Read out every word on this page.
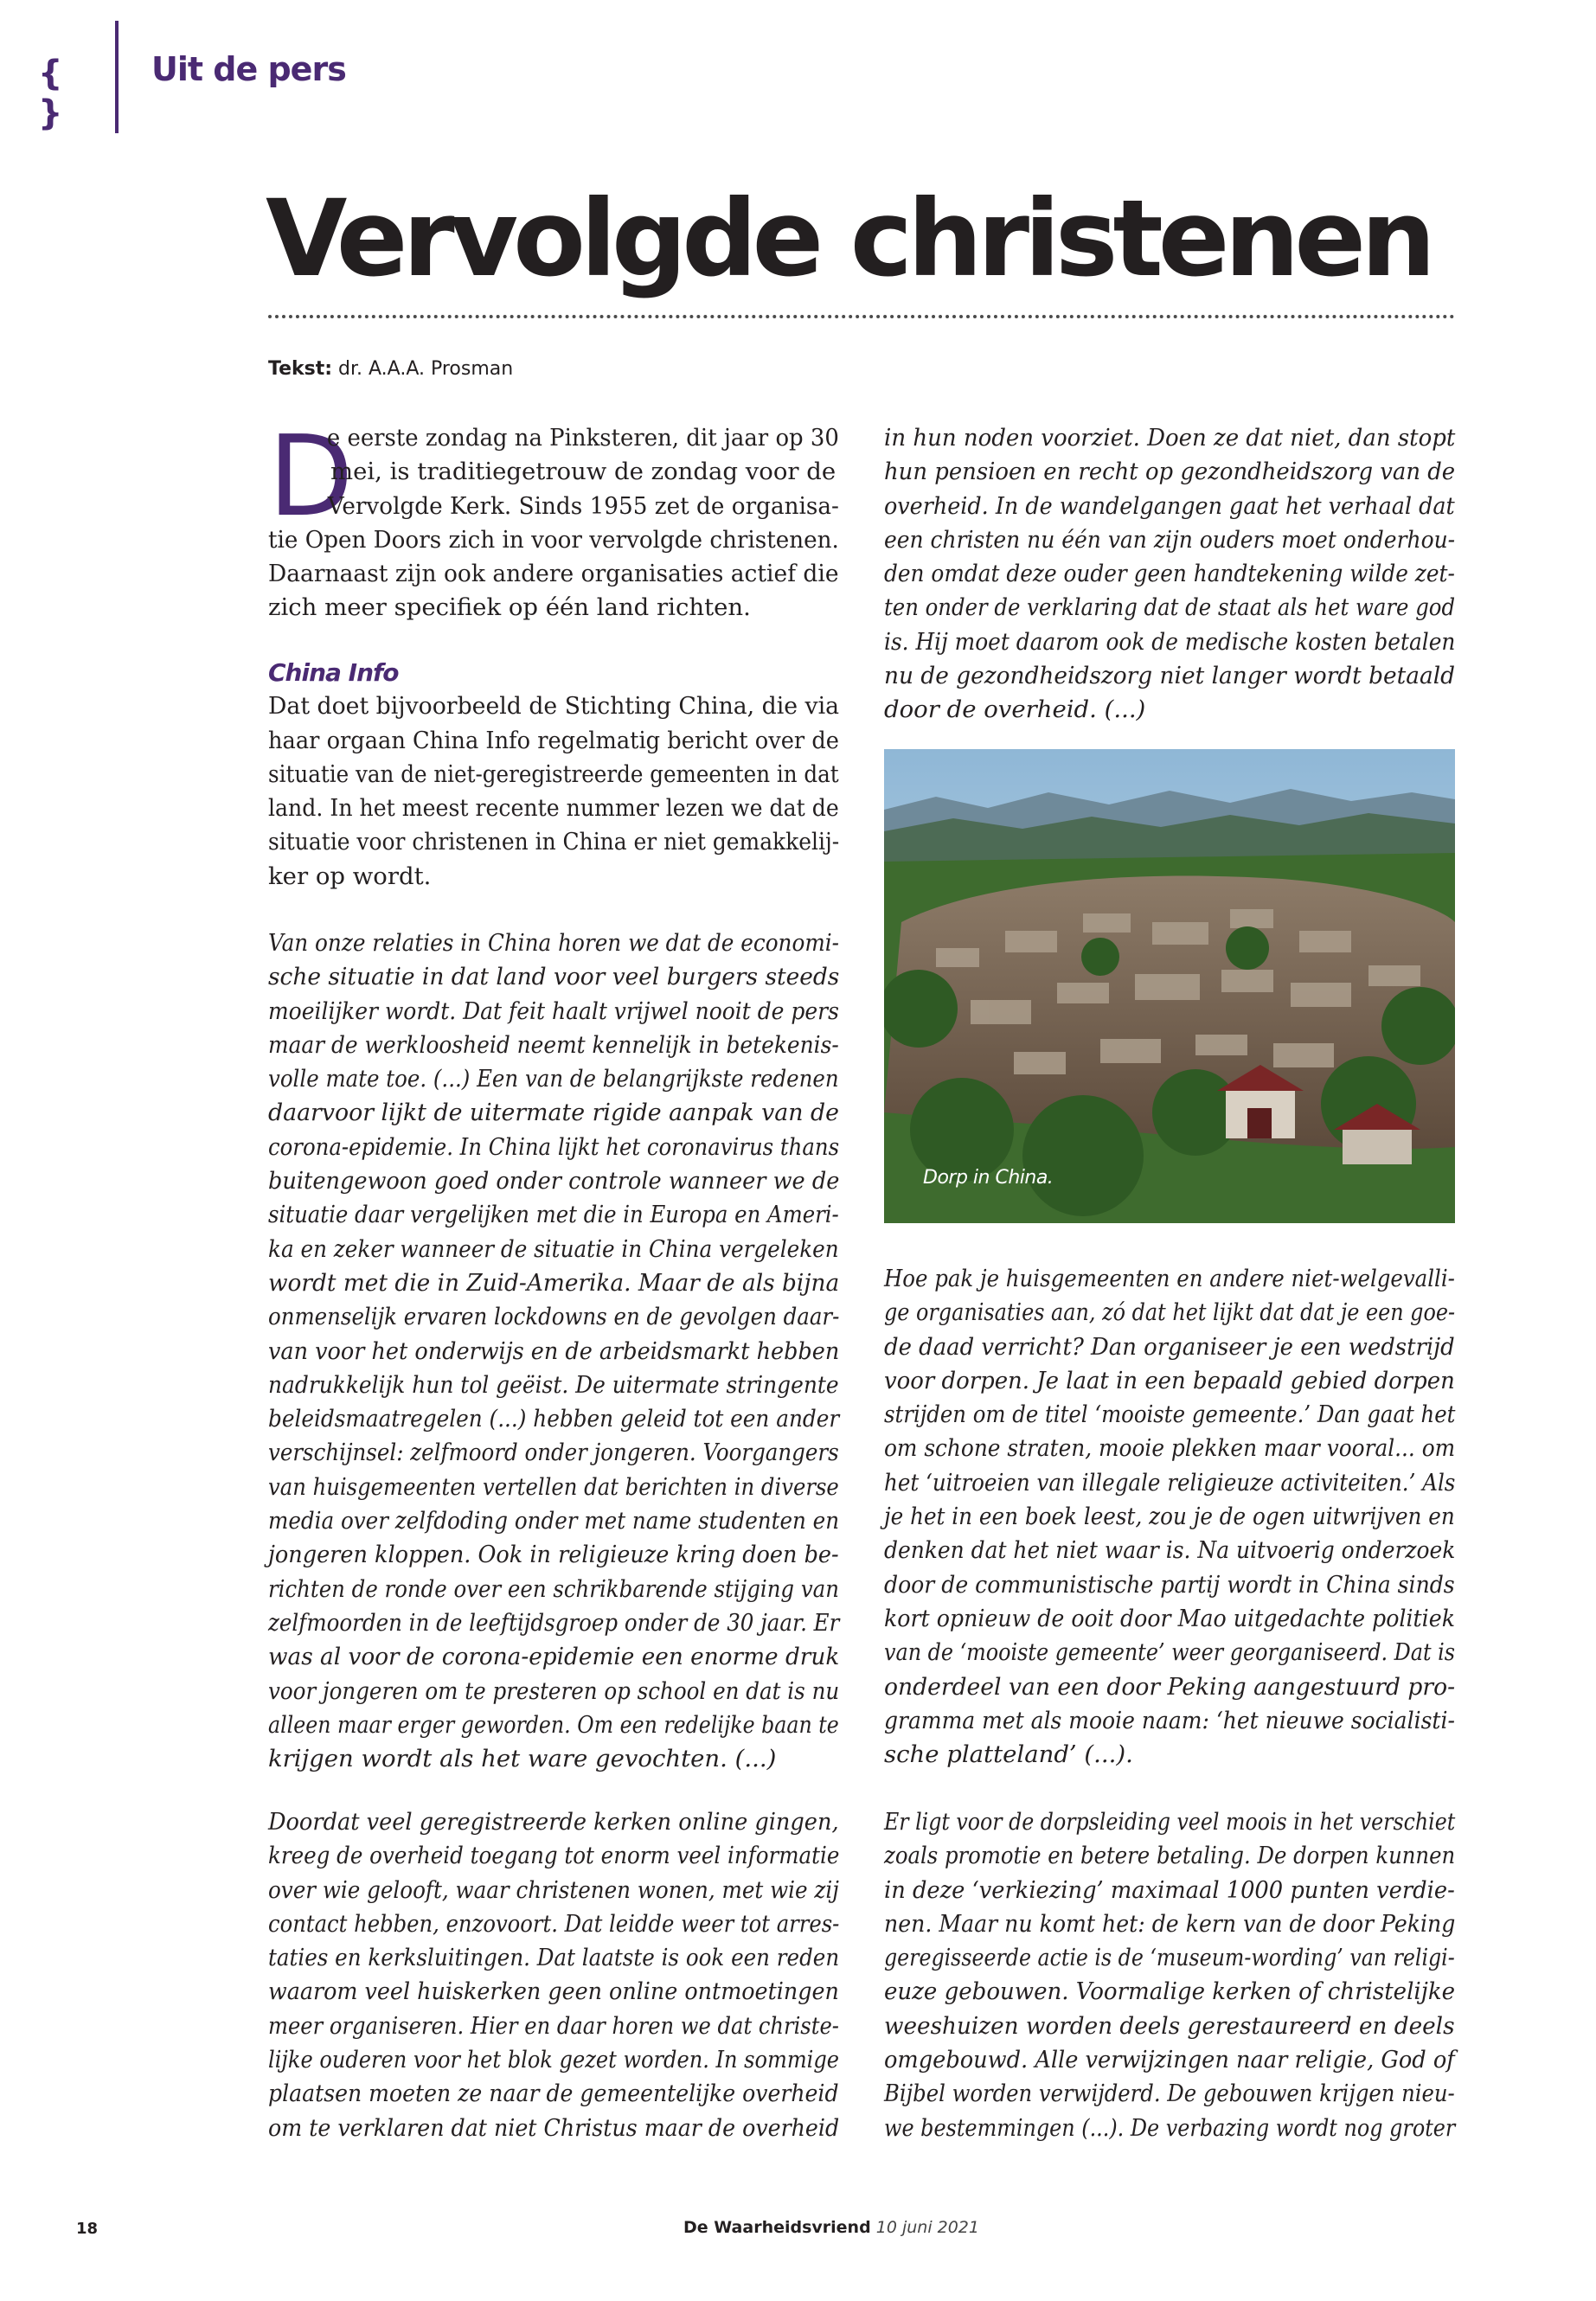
{ }
Uit de pers
Vervolgde christenen
Tekst: dr. A.A.A. Prosman
D
e eerste zondag na Pinksteren, dit jaar op 30
mei, is traditiegetrouw de zondag voor de
Vervolgde Kerk. Sinds 1955 zet de organisa-
tie Open Doors zich in voor vervolgde christenen.
Daarnaast zijn ook andere organisaties actief die
zich meer specifiek op één land richten.
China Info
Dat doet bijvoorbeeld de Stichting China, die via
haar orgaan China Info regelmatig bericht over de
situatie van de niet-geregistreerde gemeenten in dat
land. In het meest recente nummer lezen we dat de
situatie voor christenen in China er niet gemakkelij-
ker op wordt.
Van onze relaties in China horen we dat de economi-
sche situatie in dat land voor veel burgers steeds
moeilijker wordt. Dat feit haalt vrijwel nooit de pers
maar de werkloosheid neemt kennelijk in betekenis-
volle mate toe. (...) Een van de belangrijkste redenen
daarvoor lijkt de uitermate rigide aanpak van de
corona-epidemie. In China lijkt het coronavirus thans
buitengewoon goed onder controle wanneer we de
situatie daar vergelijken met die in Europa en Ameri-
ka en zeker wanneer de situatie in China vergeleken
wordt met die in Zuid-Amerika. Maar de als bijna
onmenselijk ervaren lockdowns en de gevolgen daar-
van voor het onderwijs en de arbeidsmarkt hebben
nadrukkelijk hun tol geëist. De uitermate stringente
beleidsmaatregelen (...) hebben geleid tot een ander
verschijnsel: zelfmoord onder jongeren. Voorgangers
van huisgemeenten vertellen dat berichten in diverse
media over zelfdoding onder met name studenten en
jongeren kloppen. Ook in religieuze kring doen be-
richten de ronde over een schrikbarende stijging van
zelfmoorden in de leeftijdsgroep onder de 30 jaar. Er
was al voor de corona-epidemie een enorme druk
voor jongeren om te presteren op school en dat is nu
alleen maar erger geworden. Om een redelijke baan te
krijgen wordt als het ware gevochten. (...)
Doordat veel geregistreerde kerken online gingen,
kreeg de overheid toegang tot enorm veel informatie
over wie gelooft, waar christenen wonen, met wie zij
contact hebben, enzovoort. Dat leidde weer tot arres-
taties en kerksluitingen. Dat laatste is ook een reden
waarom veel huiskerken geen online ontmoetingen
meer organiseren. Hier en daar horen we dat christe-
lijke ouderen voor het blok gezet worden. In sommige
plaatsen moeten ze naar de gemeentelijke overheid
om te verklaren dat niet Christus maar de overheid
in hun noden voorziet. Doen ze dat niet, dan stopt
hun pensioen en recht op gezondheidszorg van de
overheid. In de wandelgangen gaat het verhaal dat
een christen nu één van zijn ouders moet onderhou-
den omdat deze ouder geen handtekening wilde zet-
ten onder de verklaring dat de staat als het ware god
is. Hij moet daarom ook de medische kosten betalen
nu de gezondheidszorg niet langer wordt betaald
door de overheid. (...)
Dorp in China.
Hoe pak je huisgemeenten en andere niet-welgevalli-
ge organisaties aan, zó dat het lijkt dat dat je een goe-
de daad verricht? Dan organiseer je een wedstrijd
voor dorpen. Je laat in een bepaald gebied dorpen
strijden om de titel ‘mooiste gemeente.’ Dan gaat het
om schone straten, mooie plekken maar vooral... om
het ‘uitroeien van illegale religieuze activiteiten.’ Als
je het in een boek leest, zou je de ogen uitwrijven en
denken dat het niet waar is. Na uitvoerig onderzoek
door de communistische partij wordt in China sinds
kort opnieuw de ooit door Mao uitgedachte politiek
van de ‘mooiste gemeente’ weer georganiseerd. Dat is
onderdeel van een door Peking aangestuurd pro-
gramma met als mooie naam: ‘het nieuwe socialisti-
sche platteland’ (...).
Er ligt voor de dorpsleiding veel moois in het verschiet
zoals promotie en betere betaling. De dorpen kunnen
in deze ‘verkiezing’ maximaal 1000 punten verdie-
nen. Maar nu komt het: de kern van de door Peking
geregisseerde actie is de ‘museum-wording’ van religi-
euze gebouwen. Voormalige kerken of christelijke
weeshuizen worden deels gerestaureerd en deels
omgebouwd. Alle verwijzingen naar religie, God of
Bijbel worden verwijderd. De gebouwen krijgen nieu-
we bestemmingen (...). De verbazing wordt nog groter
18	De Waarheidsvriend 10 juni 2021
